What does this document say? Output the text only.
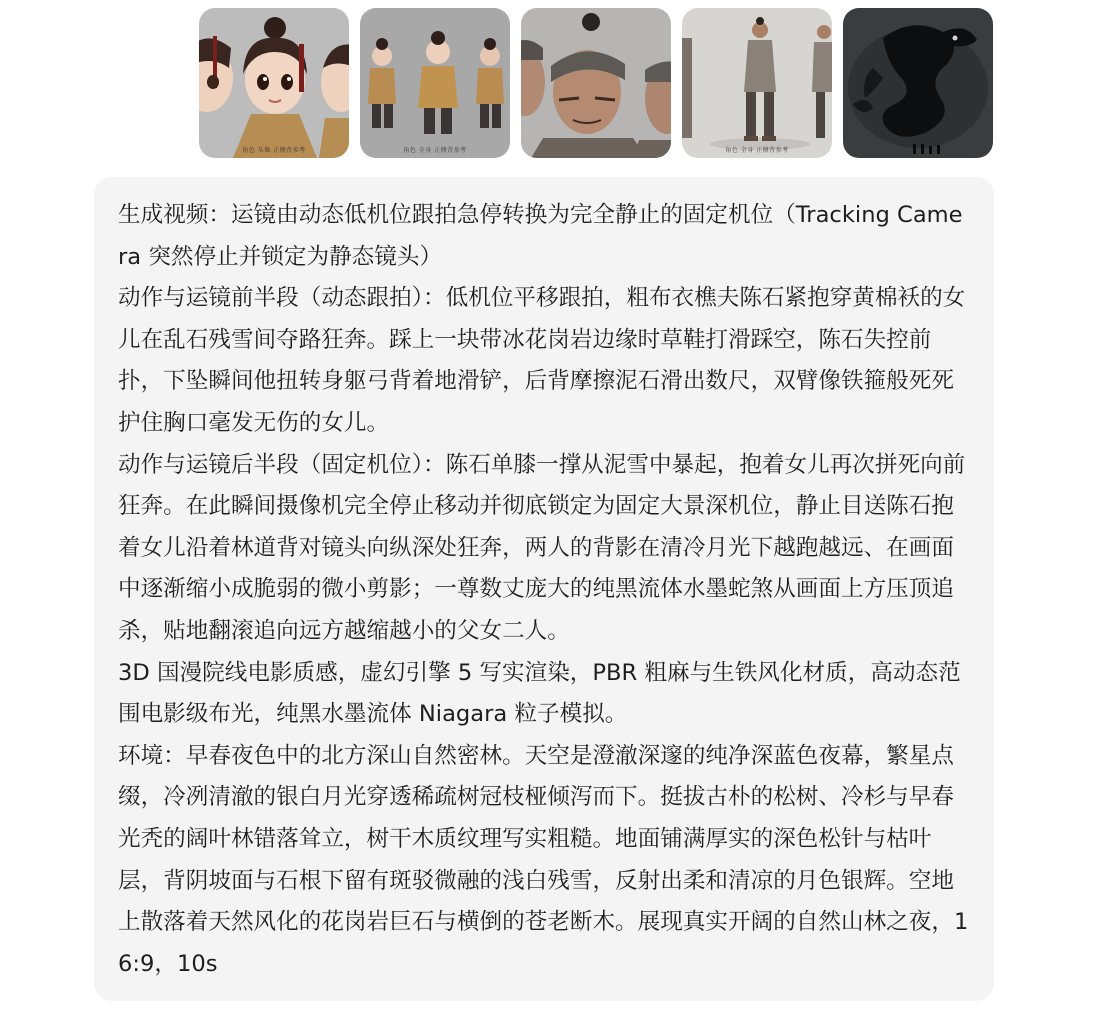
角色 头像 正侧背参考	角色 全身 正侧背参考	角色 全身 正侧背参考

生成视频：运镜由动态低机位跟拍急停转换为完全静止的固定机位（Tracking Camera 突然停止并锁定为静态镜头）

动作与运镜前半段（动态跟拍）：低机位平移跟拍，粗布衣樵夫陈石紧抱穿黄棉袄的女儿在乱石残雪间夺路狂奔。踩上一块带冰花岗岩边缘时草鞋打滑踩空，陈石失控前扑，下坠瞬间他扭转身躯弓背着地滑铲，后背摩擦泥石滑出数尺，双臂像铁箍般死死护住胸口毫发无伤的女儿。

动作与运镜后半段（固定机位）：陈石单膝一撑从泥雪中暴起，抱着女儿再次拼死向前狂奔。在此瞬间摄像机完全停止移动并彻底锁定为固定大景深机位，静止目送陈石抱着女儿沿着林道背对镜头向纵深处狂奔，两人的背影在清冷月光下越跑越远、在画面中逐渐缩小成脆弱的微小剪影；一尊数丈庞大的纯黑流体水墨蛇煞从画面上方压顶追杀，贴地翻滚追向远方越缩越小的父女二人。

3D 国漫院线电影质感，虚幻引擎 5 写实渲染，PBR 粗麻与生铁风化材质，高动态范围电影级布光，纯黑水墨流体 Niagara 粒子模拟。

环境：早春夜色中的北方深山自然密林。天空是澄澈深邃的纯净深蓝色夜幕，繁星点缀，冷冽清澈的银白月光穿透稀疏树冠枝桠倾泻而下。挺拔古朴的松树、冷杉与早春光秃的阔叶林错落耸立，树干木质纹理写实粗糙。地面铺满厚实的深色松针与枯叶层，背阴坡面与石根下留有斑驳微融的浅白残雪，反射出柔和清凉的月色银辉。空地上散落着天然风化的花岗岩巨石与横倒的苍老断木。展现真实开阔的自然山林之夜，16:9，10s
